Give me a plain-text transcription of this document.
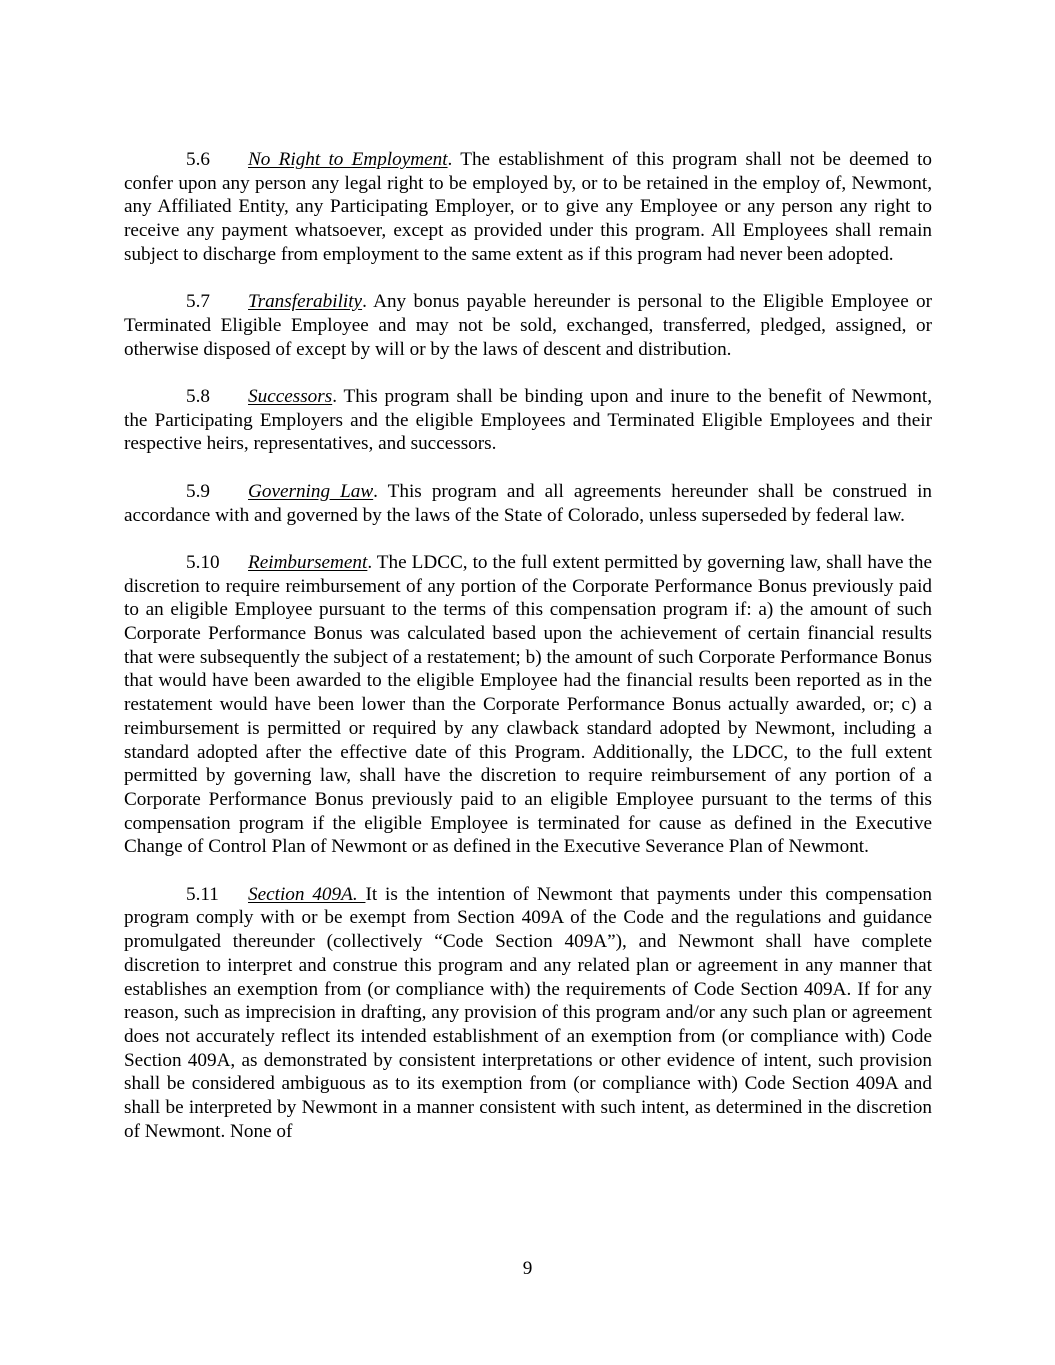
5.6 No Right to Employment. The establishment of this program shall not be deemed to confer upon any person any legal right to be employed by, or to be retained in the employ of, Newmont, any Affiliated Entity, any Participating Employer, or to give any Employee or any person any right to receive any payment whatsoever, except as provided under this program. All Employees shall remain subject to discharge from employment to the same extent as if this program had never been adopted.

5.7 Transferability. Any bonus payable hereunder is personal to the Eligible Employee or Terminated Eligible Employee and may not be sold, exchanged, transferred, pledged, assigned, or otherwise disposed of except by will or by the laws of descent and distribution.

5.8 Successors. This program shall be binding upon and inure to the benefit of Newmont, the Participating Employers and the eligible Employees and Terminated Eligible Employees and their respective heirs, representatives, and successors.

5.9 Governing Law. This program and all agreements hereunder shall be construed in accordance with and governed by the laws of the State of Colorado, unless superseded by federal law.

5.10 Reimbursement. The LDCC, to the full extent permitted by governing law, shall have the discretion to require reimbursement of any portion of the Corporate Performance Bonus previously paid to an eligible Employee pursuant to the terms of this compensation program if: a) the amount of such Corporate Performance Bonus was calculated based upon the achievement of certain financial results that were subsequently the subject of a restatement; b) the amount of such Corporate Performance Bonus that would have been awarded to the eligible Employee had the financial results been reported as in the restatement would have been lower than the Corporate Performance Bonus actually awarded, or; c) a reimbursement is permitted or required by any clawback standard adopted by Newmont, including a standard adopted after the effective date of this Program. Additionally, the LDCC, to the full extent permitted by governing law, shall have the discretion to require reimbursement of any portion of a Corporate Performance Bonus previously paid to an eligible Employee pursuant to the terms of this compensation program if the eligible Employee is terminated for cause as defined in the Executive Change of Control Plan of Newmont or as defined in the Executive Severance Plan of Newmont.

5.11 Section 409A. It is the intention of Newmont that payments under this compensation program comply with or be exempt from Section 409A of the Code and the regulations and guidance promulgated thereunder (collectively “Code Section 409A”), and Newmont shall have complete discretion to interpret and construe this program and any related plan or agreement in any manner that establishes an exemption from (or compliance with) the requirements of Code Section 409A. If for any reason, such as imprecision in drafting, any provision of this program and/or any such plan or agreement does not accurately reflect its intended establishment of an exemption from (or compliance with) Code Section 409A, as demonstrated by consistent interpretations or other evidence of intent, such provision shall be considered ambiguous as to its exemption from (or compliance with) Code Section 409A and shall be interpreted by Newmont in a manner consistent with such intent, as determined in the discretion of Newmont. None of

9
